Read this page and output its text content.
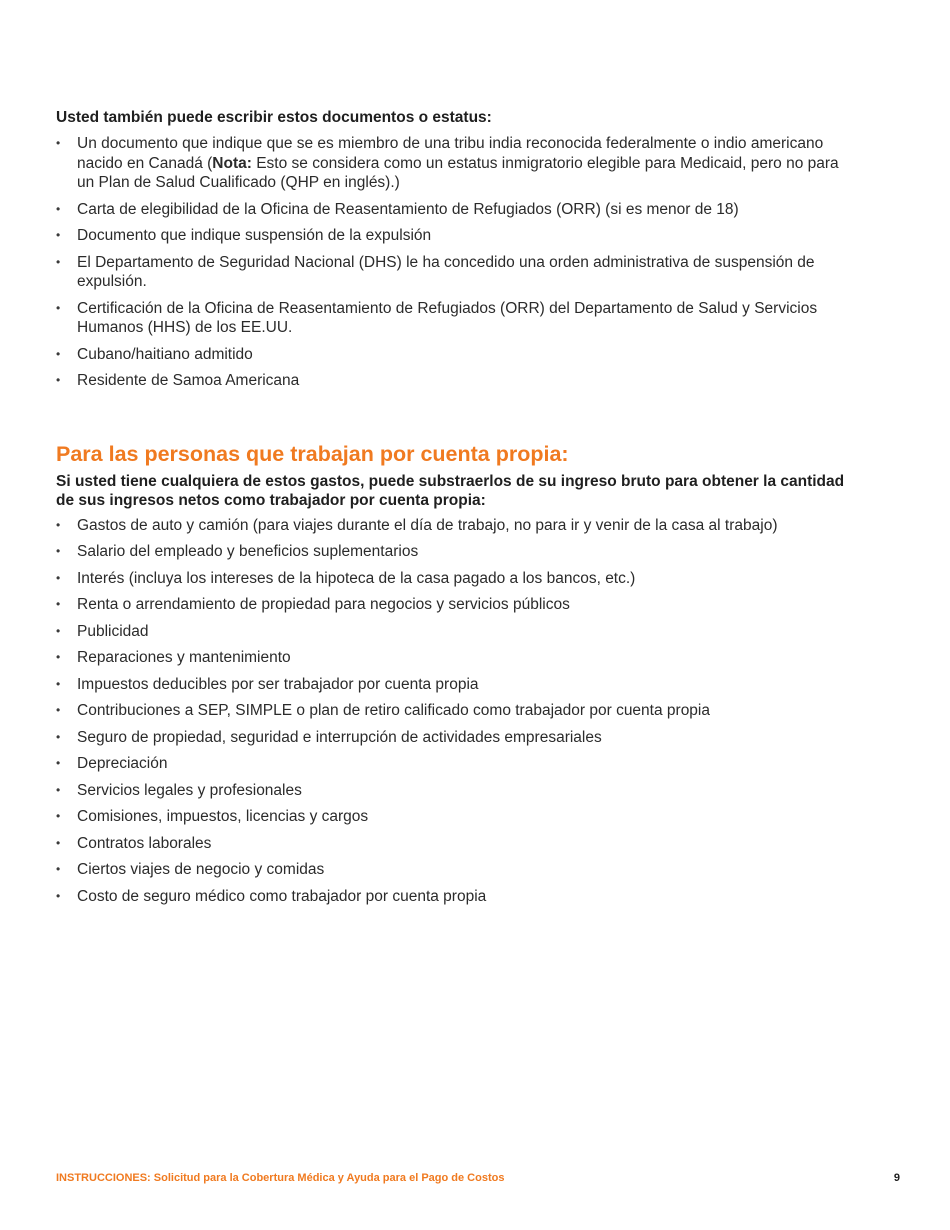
Usted también puede escribir estos documentos o estatus:

• Un documento que indique que se es miembro de una tribu india reconocida federalmente o indio americano nacido en Canadá (Nota: Esto se considera como un estatus inmigratorio elegible para Medicaid, pero no para un Plan de Salud Cualificado (QHP en inglés).)
• Carta de elegibilidad de la Oficina de Reasentamiento de Refugiados (ORR) (si es menor de 18)
• Documento que indique suspensión de la expulsión
• El Departamento de Seguridad Nacional (DHS) le ha concedido una orden administrativa de suspensión de expulsión.
• Certificación de la Oficina de Reasentamiento de Refugiados (ORR) del Departamento de Salud y Servicios Humanos (HHS) de los EE.UU.
• Cubano/haitiano admitido
• Residente de Samoa Americana
Para las personas que trabajan por cuenta propia:

Si usted tiene cualquiera de estos gastos, puede substraerlos de su ingreso bruto para obtener la cantidad de sus ingresos netos como trabajador por cuenta propia:

• Gastos de auto y camión (para viajes durante el día de trabajo, no para ir y venir de la casa al trabajo)
• Salario del empleado y beneficios suplementarios
• Interés (incluya los intereses de la hipoteca de la casa pagado a los bancos, etc.)
• Renta o arrendamiento de propiedad para negocios y servicios públicos
• Publicidad
• Reparaciones y mantenimiento
• Impuestos deducibles por ser trabajador por cuenta propia
• Contribuciones a SEP, SIMPLE o plan de retiro calificado como trabajador por cuenta propia
• Seguro de propiedad, seguridad e interrupción de actividades empresariales
• Depreciación
• Servicios legales y profesionales
• Comisiones, impuestos, licencias y cargos
• Contratos laborales
• Ciertos viajes de negocio y comidas
• Costo de seguro médico como trabajador por cuenta propia
INSTRUCCIONES: Solicitud para la Cobertura Médica y Ayuda para el Pago de Costos	9
